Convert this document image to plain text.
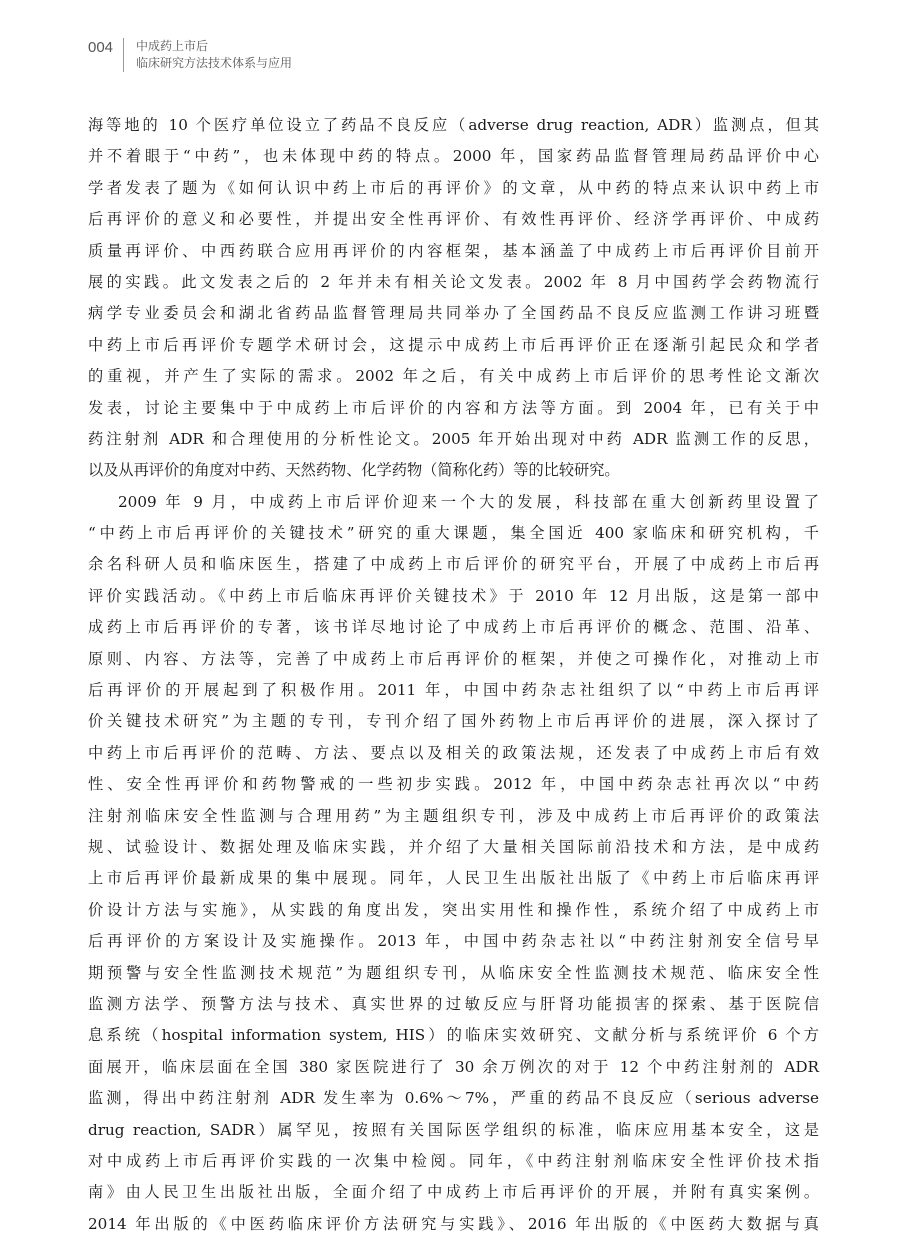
004 中成药上市后
临床研究方法技术体系与应用
海等地的 10 个医疗单位设立了药品不良反应（adverse drug reaction, ADR）监测点，但其
并不着眼于“中药”，也未体现中药的特点。2000 年，国家药品监督管理局药品评价中心
学者发表了题为《如何认识中药上市后的再评价》的文章，从中药的特点来认识中药上市
后再评价的意义和必要性，并提出安全性再评价、有效性再评价、经济学再评价、中成药
质量再评价、中西药联合应用再评价的内容框架，基本涵盖了中成药上市后再评价目前开
展的实践。此文发表之后的 2 年并未有相关论文发表。2002 年 8 月中国药学会药物流行
病学专业委员会和湖北省药品监督管理局共同举办了全国药品不良反应监测工作讲习班暨
中药上市后再评价专题学术研讨会，这提示中成药上市后再评价正在逐渐引起民众和学者
的重视，并产生了实际的需求。2002 年之后，有关中成药上市后评价的思考性论文渐次
发表，讨论主要集中于中成药上市后评价的内容和方法等方面。到 2004 年，已有关于中
药注射剂 ADR 和合理使用的分析性论文。2005 年开始出现对中药 ADR 监测工作的反思，
以及从再评价的角度对中药、天然药物、化学药物（简称化药）等的比较研究。
2009 年 9 月，中成药上市后评价迎来一个大的发展，科技部在重大创新药里设置了
“中药上市后再评价的关键技术”研究的重大课题，集全国近 400 家临床和研究机构，千
余名科研人员和临床医生，搭建了中成药上市后评价的研究平台，开展了中成药上市后再
评价实践活动。《中药上市后临床再评价关键技术》于 2010 年 12 月出版，这是第一部中
成药上市后再评价的专著，该书详尽地讨论了中成药上市后再评价的概念、范围、沿革、
原则、内容、方法等，完善了中成药上市后再评价的框架，并使之可操作化，对推动上市
后再评价的开展起到了积极作用。2011 年，中国中药杂志社组织了以“中药上市后再评
价关键技术研究”为主题的专刊，专刊介绍了国外药物上市后再评价的进展，深入探讨了
中药上市后再评价的范畴、方法、要点以及相关的政策法规，还发表了中成药上市后有效
性、安全性再评价和药物警戒的一些初步实践。2012 年，中国中药杂志社再次以“中药
注射剂临床安全性监测与合理用药”为主题组织专刊，涉及中成药上市后再评价的政策法
规、试验设计、数据处理及临床实践，并介绍了大量相关国际前沿技术和方法，是中成药
上市后再评价最新成果的集中展现。同年，人民卫生出版社出版了《中药上市后临床再评
价设计方法与实施》，从实践的角度出发，突出实用性和操作性，系统介绍了中成药上市
后再评价的方案设计及实施操作。2013 年，中国中药杂志社以“中药注射剂安全信号早
期预警与安全性监测技术规范”为题组织专刊，从临床安全性监测技术规范、临床安全性
监测方法学、预警方法与技术、真实世界的过敏反应与肝肾功能损害的探索、基于医院信
息系统（hospital information system, HIS）的临床实效研究、文献分析与系统评价 6 个方
面展开，临床层面在全国 380 家医院进行了 30 余万例次的对于 12 个中药注射剂的 ADR
监测，得出中药注射剂 ADR 发生率为 0.6%～7%，严重的药品不良反应（serious adverse
drug reaction, SADR）属罕见，按照有关国际医学组织的标准，临床应用基本安全，这是
对中成药上市后再评价实践的一次集中检阅。同年，《中药注射剂临床安全性评价技术指
南》由人民卫生出版社出版，全面介绍了中成药上市后再评价的开展，并附有真实案例。
2014 年出版的《中医药临床评价方法研究与实践》、2016 年出版的《中医药大数据与真
